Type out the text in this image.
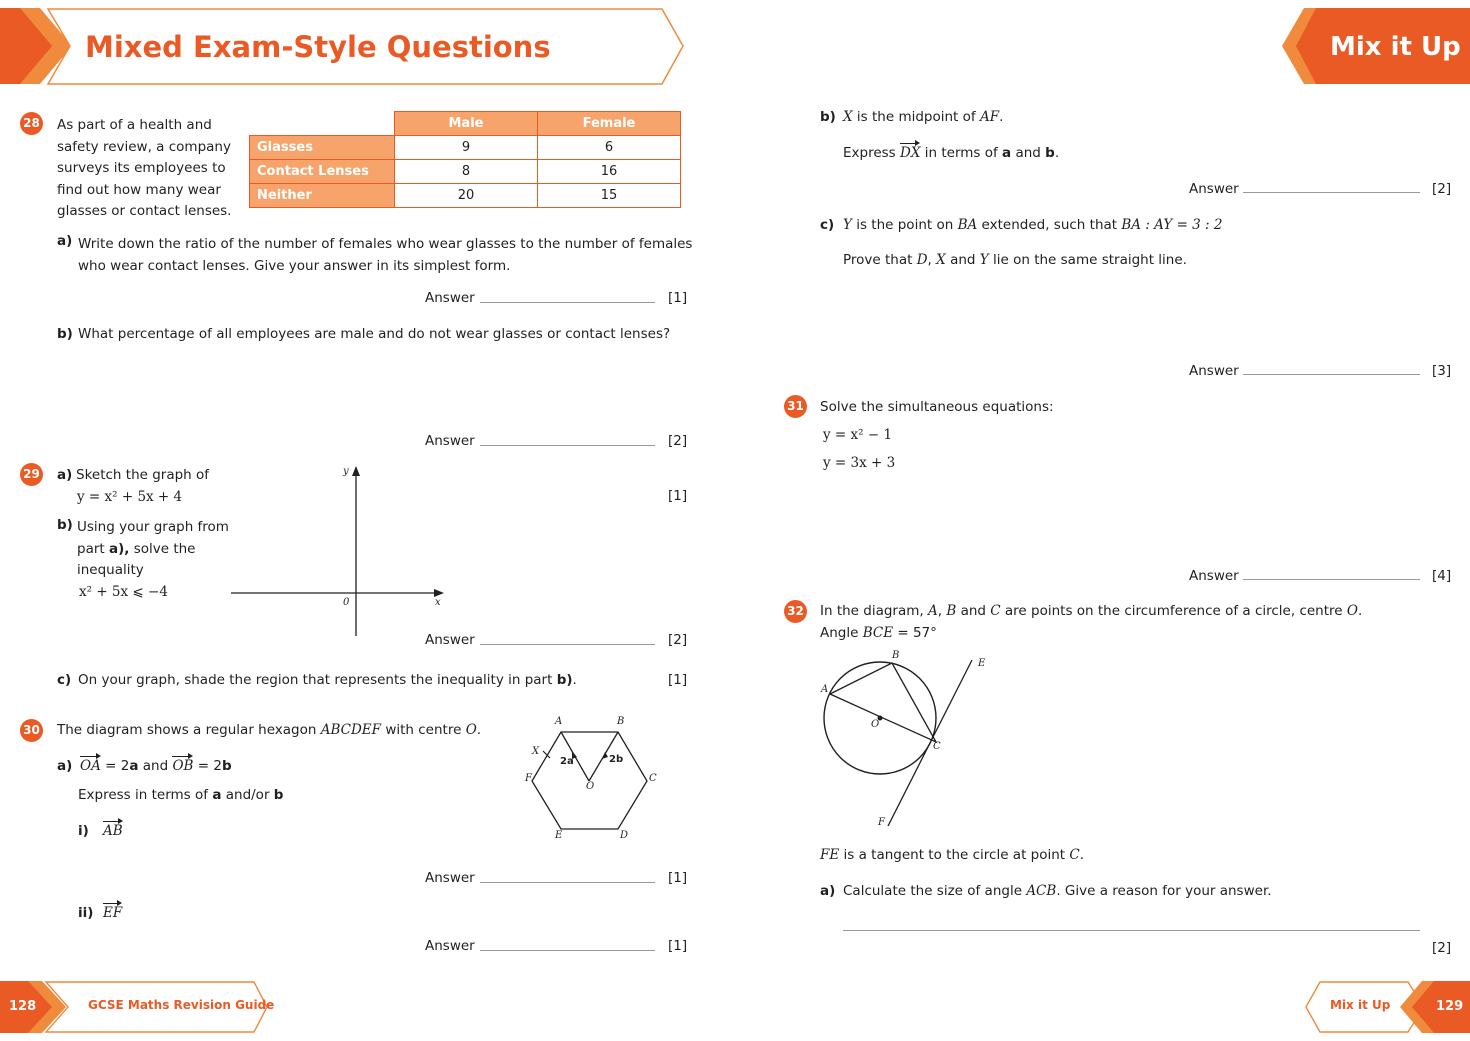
Mixed Exam-Style Questions	Mix it Up
28 As part of a health and
safety review, a company
surveys its employees to
find out how many wear
glasses or contact lenses.
	Male	Female
Glasses	9	6
Contact Lenses	8	16
Neither	20	15
a) Write down the ratio of the number of females who wear glasses to the number of females
who wear contact lenses. Give your answer in its simplest form.
Answer	[1]
b) What percentage of all employees are male and do not wear glasses or contact lenses?
Answer	[2]
29 a) Sketch the graph of
y = x² + 5x + 4	[1]
b) Using your graph from
part a), solve the
inequality
x² + 5x ⩽ −4
y
x
0
Answer	[2]
c) On your graph, shade the region that represents the inequality in part b).	[1]
30 The diagram shows a regular hexagon ABCDEF with centre O.
a) OA = 2a and OB = 2b
Express in terms of a and/or b
i) AB
Answer	[1]
ii) EF
Answer	[1]
A	B
C
D
E
F
O
X
2a	2b
b) X is the midpoint of AF.
Express DX in terms of a and b.
Answer	[2]
c) Y is the point on BA extended, such that BA : AY = 3 : 2
Prove that D, X and Y lie on the same straight line.
Answer	[3]
31 Solve the simultaneous equations:
y = x² − 1
y = 3x + 3
Answer	[4]
32 In the diagram, A, B and C are points on the circumference of a circle, centre O.
Angle BCE = 57°
B
E
A
O
C
F
FE is a tangent to the circle at point C.
a) Calculate the size of angle ACB. Give a reason for your answer.
[2]
128	GCSE Maths Revision Guide	Mix it Up	129
